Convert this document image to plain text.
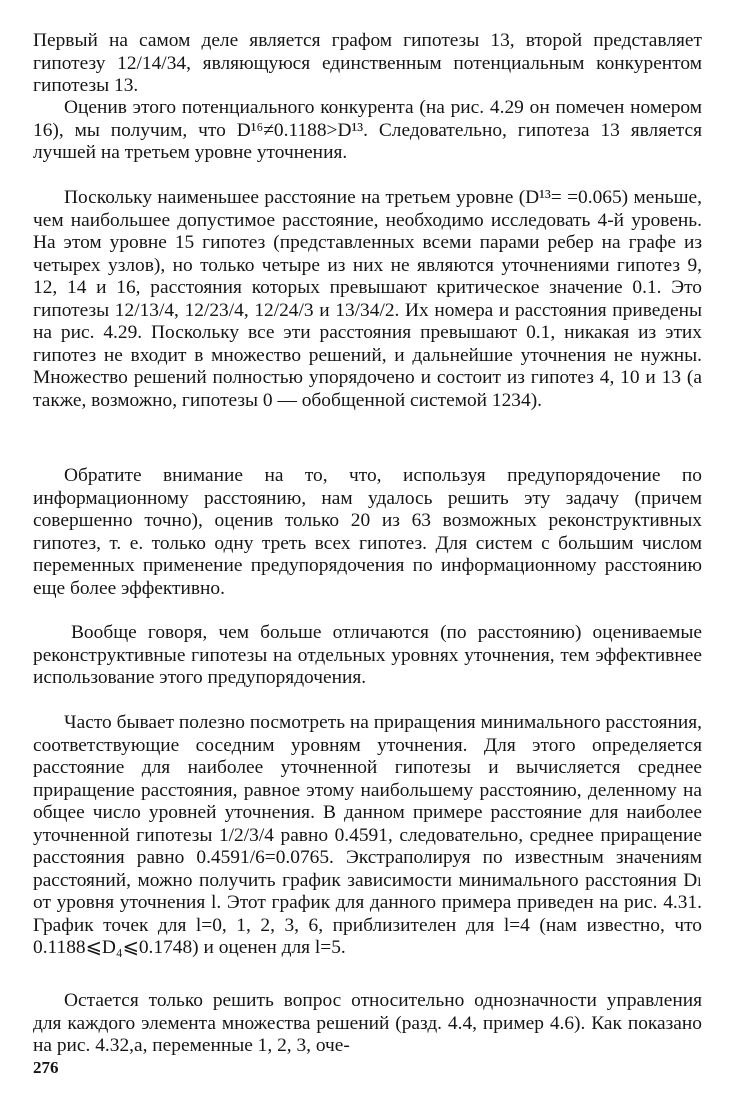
Первый на самом деле является графом гипотезы 13, второй представляет гипотезу 12/14/34, являющуюся единственным потенциальным конкурентом гипотезы 13.

Оценив этого потенциального конкурента (на рис. 4.29 он помечен номером 16), мы получим, что D¹⁶≠0.1188>D¹³. Следовательно, гипотеза 13 является лучшей на третьем уровне уточнения.

Поскольку наименьшее расстояние на третьем уровне (D¹³= =0.065) меньше, чем наибольшее допустимое расстояние, необходимо исследовать 4-й уровень. На этом уровне 15 гипотез (представленных всеми парами ребер на графе из четырех узлов), но только четыре из них не являются уточнениями гипотез 9, 12, 14 и 16, расстояния которых превышают критическое значение 0.1. Это гипотезы 12/13/4, 12/23/4, 12/24/3 и 13/34/2. Их номера и расстояния приведены на рис. 4.29. Поскольку все эти расстояния превышают 0.1, никакая из этих гипотез не входит в множество решений, и дальнейшие уточнения не нужны. Множество решений полностью упорядочено и состоит из гипотез 4, 10 и 13 (а также, возможно, гипотезы 0 — обобщенной системой 1234).

Обратите внимание на то, что, используя предупорядочение по информационному расстоянию, нам удалось решить эту задачу (причем совершенно точно), оценив только 20 из 63 возможных реконструктивных гипотез, т. е. только одну треть всех гипотез. Для систем с большим числом переменных применение предупорядочения по информационному расстоянию еще более эффективно.

Вообще говоря, чем больше отличаются (по расстоянию) оцениваемые реконструктивные гипотезы на отдельных уровнях уточнения, тем эффективнее использование этого предупорядочения.

Часто бывает полезно посмотреть на приращения минимального расстояния, соответствующие соседним уровням уточнения. Для этого определяется расстояние для наиболее уточненной гипотезы и вычисляется среднее приращение расстояния, равное этому наибольшему расстоянию, деленному на общее число уровней уточнения. В данном примере расстояние для наиболее уточненной гипотезы 1/2/3/4 равно 0.4591, следовательно, среднее приращение расстояния равно 0.4591/6=0.0765. Экстраполируя по известным значениям расстояний, можно получить график зависимости минимального расстояния Dₗ от уровня уточнения l. Этот график для данного примера приведен на рис. 4.31. График точек для l=0, 1, 2, 3, 6, приблизителен для l=4 (нам известно, что 0.1188⩽D₄⩽0.1748) и оценен для l=5.

Остается только решить вопрос относительно однозначности управления для каждого элемента множества решений (разд. 4.4, пример 4.6). Как показано на рис. 4.32,а, переменные 1, 2, 3, оче-

276
